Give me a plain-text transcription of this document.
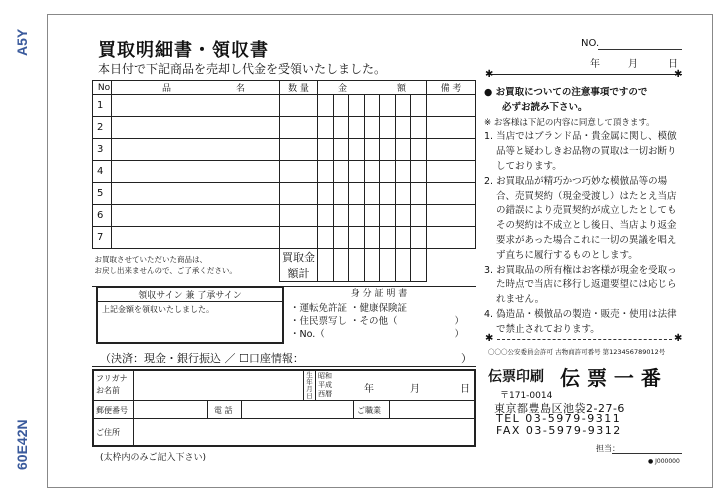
A5Y
60E42N
買取明細書・領収書
本日付で下記商品を売却し代金を受領いたしました。
NO.
年	月	日
✱	✱
No	品 名	数 量	金 額							備 考
1										
2										
3										
4										
5										
6										
7										

お買取させていただいた商品は、
お戻し出来ませんので、ご了承ください。		買取金額計								
領収サイン 兼 了承サイン
上記金額を領収いたしました。
身 分 証 明 書
・運転免許証 ・健康保険証
・住民票写し ・その他（	）
・No.（	）
（決済：現金・銀行振込 ／ ☐口座情報：	）
フリガナ
お名前
生年月日
昭和
平成
西暦	年	月	日
郵便番号	電 話	ご職業
ご住所
(太枠内のみご記入下さい)
● お買取についての注意事項ですので
必ずお読み下さい。
※ お客様は下記の内容に同意して頂きます。
1. 当店ではブランド品・貴金属に関し、模倣品等と疑わしきお品物の買取は一切お断りしております。
2. お買取品が精巧かつ巧妙な模倣品等の場合、売買契約（現金受渡し）はたとえ当店の錯誤により売買契約が成立したとしてもその契約は不成立とし後日、当店より返金要求があった場合これに一切の異議を唱えず直ちに履行するものとします。
3. お買取品の所有権はお客様が現金を受取った時点で当店に移行し返還要望には応じられません。
4. 偽造品・模倣品の製造・販売・使用は法律で禁止されております。
✱	✱
〇〇〇公安委員会許可 古物商許可番号 第123456789012号
伝票印刷 伝 票 一 番
〒171-0014
東京都豊島区池袋2-27-6
TEL 03-5979-9311
FAX 03-5979-9312
担当：
● J000000
